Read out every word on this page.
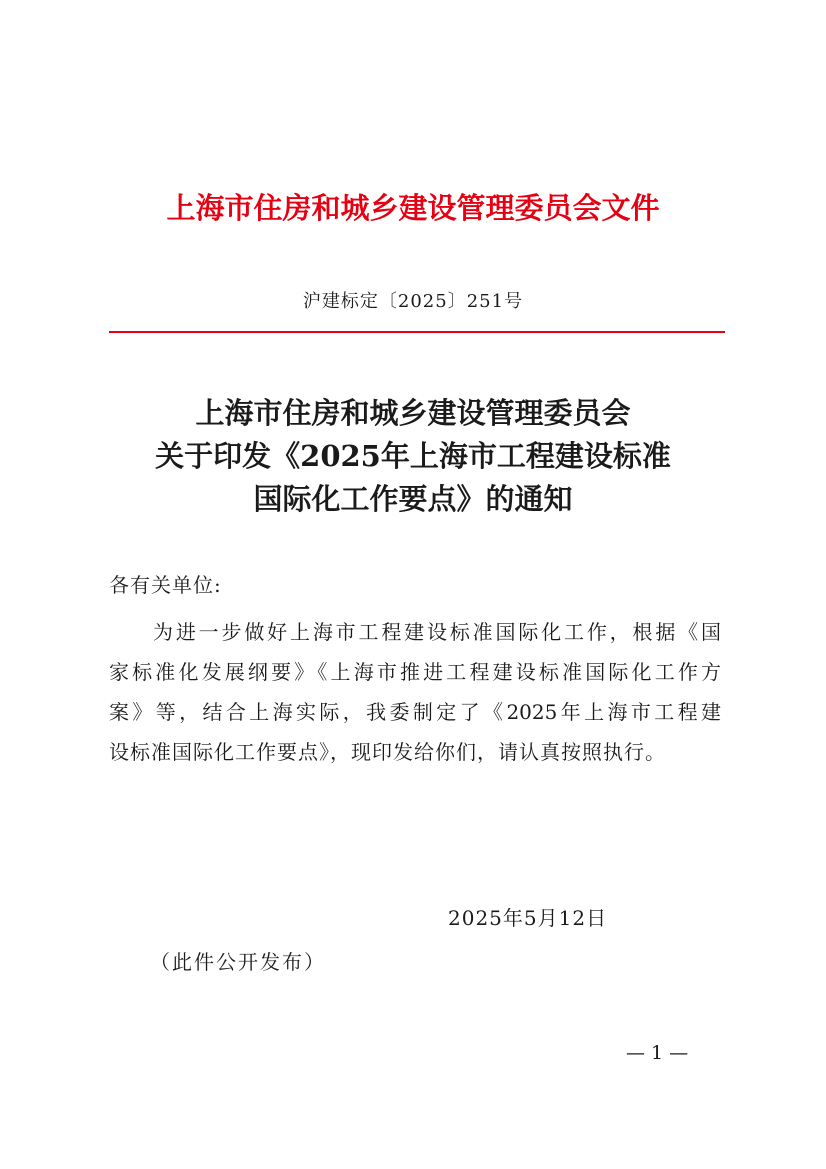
上海市住房和城乡建设管理委员会文件
沪建标定〔2025〕251号
上海市住房和城乡建设管理委员会
关于印发《2025年上海市工程建设标准
国际化工作要点》的通知
各有关单位:
为进一步做好上海市工程建设标准国际化工作，根据《国
家标准化发展纲要》《上海市推进工程建设标准国际化工作方
案》等，结合上海实际，我委制定了《2025年上海市工程建
设标准国际化工作要点》，现印发给你们，请认真按照执行。
2025年5月12日
（此件公开发布）
— 1 —
